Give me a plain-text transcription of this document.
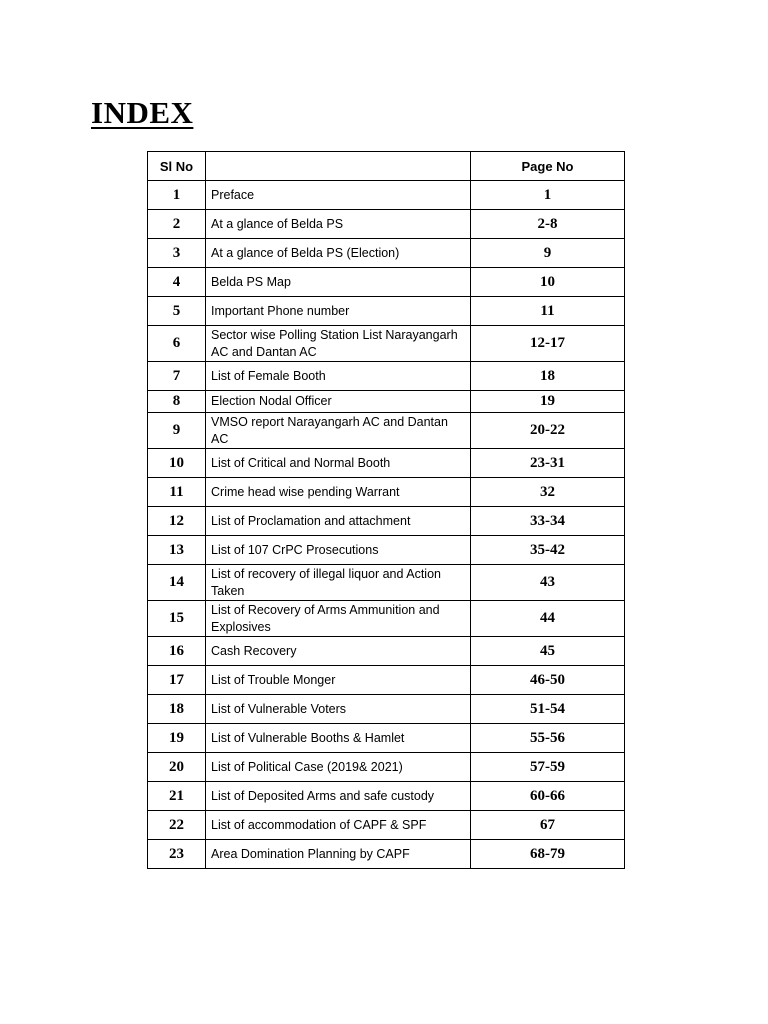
INDEX
Sl No		Page No
1	Preface	1
2	At a glance of Belda PS	2-8
3	At a glance of Belda PS (Election)	9
4	Belda PS Map	10
5	Important Phone number	11
6	Sector wise Polling Station List Narayangarh AC and Dantan AC	12-17
7	List of Female Booth	18
8	Election Nodal Officer	19
9	VMSO report Narayangarh AC and Dantan AC	20-22
10	List of Critical and Normal Booth	23-31
11	Crime head wise pending Warrant	32
12	List of Proclamation and attachment	33-34
13	List of 107 CrPC Prosecutions	35-42
14	List of recovery of illegal liquor and Action Taken	43
15	List of Recovery of Arms Ammunition and Explosives	44
16	Cash Recovery	45
17	List of Trouble Monger	46-50
18	List of Vulnerable Voters	51-54
19	List of Vulnerable Booths & Hamlet	55-56
20	List of Political Case (2019& 2021)	57-59
21	List of Deposited Arms and safe custody	60-66
22	List of accommodation of CAPF & SPF	67
23	Area Domination Planning by CAPF	68-79
